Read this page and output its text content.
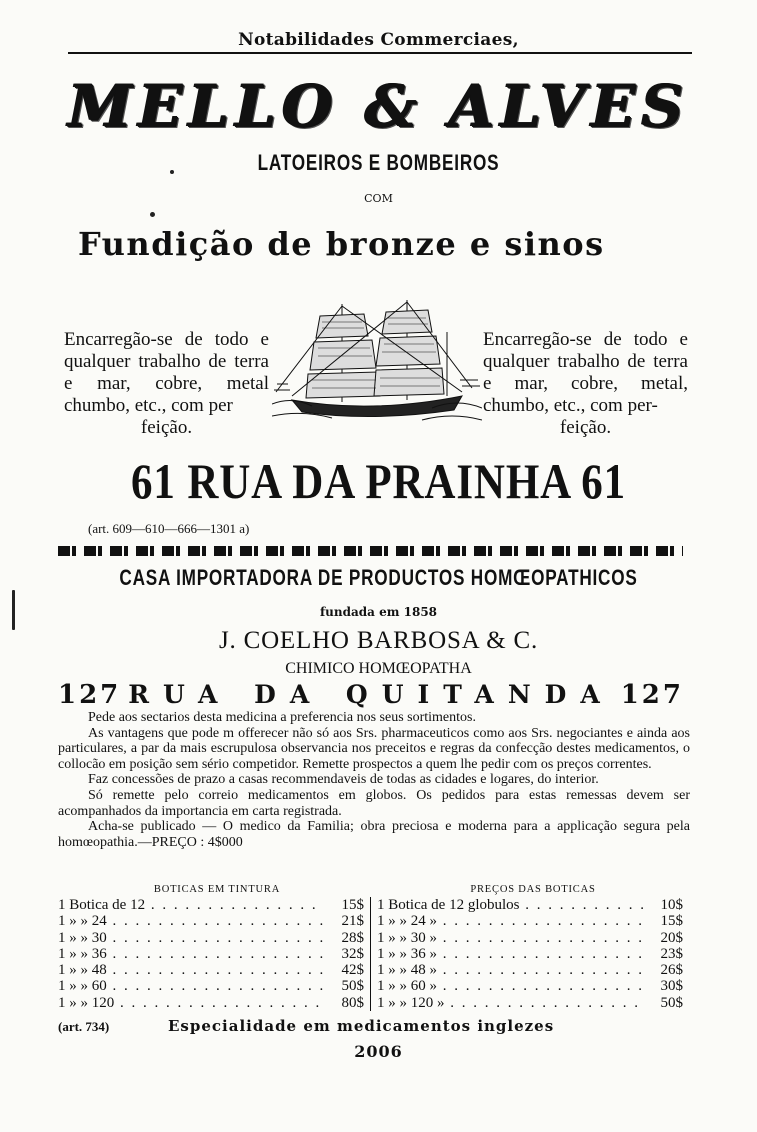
Notabilidades Commerciaes,
MELLO & ALVES
LATOEIROS E BOMBEIROS
COM
Fundição de bronze e sinos
Encarregão-se de todo e qualquer trabalho de terra e mar, cobre, metal chumbo, etc., com per
feição.
Encarregão-se de todo e qualquer trabalho de terra e mar, cobre, metal, chumbo, etc., com per-
feição.
61 RUA DA PRAINHA 61
(art. 609—610—666—1301 a)
CASA IMPORTADORA DE PRODUCTOS HOMŒOPATHICOS
fundada em 1858
J. COELHO BARBOSA & C.
CHIMICO HOMŒOPATHA
127 RUA DA QUITANDA 127

Pede aos sectarios desta medicina a preferencia nos seus sortimentos.

As vantagens que pode m offerecer não só aos Srs. pharmaceuticos como aos Srs. negociantes e ainda aos particulares, a par da mais escrupulosa observancia nos preceitos e regras da confecção destes medicamentos, o collocão em posição sem sério competidor. Remette prospectos a quem lhe pedir com os preços correntes.

Faz concessões de prazo a casas recommendaveis de todas as cidades e logares, do interior.

Só remette pelo correio medicamentos em globos. Os pedidos para estas remessas devem ser acompanhados da importancia em carta registrada.

Acha-se publicado — O medico da Familia; obra preciosa e moderna para a applicação segura pela homœopathia.—PREÇO : 4$000

BOTICAS EM TINTURA	PREÇOS DAS BOTICAS
1 Botica de 12 . . .	15$
1 » » 24 . . .	21$
1 » » 30 . . .	28$
1 » » 36 . . .	32$
1 » » 48 . . .	42$
1 » » 60 . . .	50$
1 » » 120 . . .	80$
1 Botica de 12 globulos . . .	10$
1 » » 24 » . . .	15$
1 » » 30 » . . .	20$
1 » » 36 » . . .	23$
1 » » 48 » . . .	26$
1 » » 60 » . . .	30$
1 » » 120 » . . .	50$
(art. 734)	Especialidade em medicamentos inglezes
2006
